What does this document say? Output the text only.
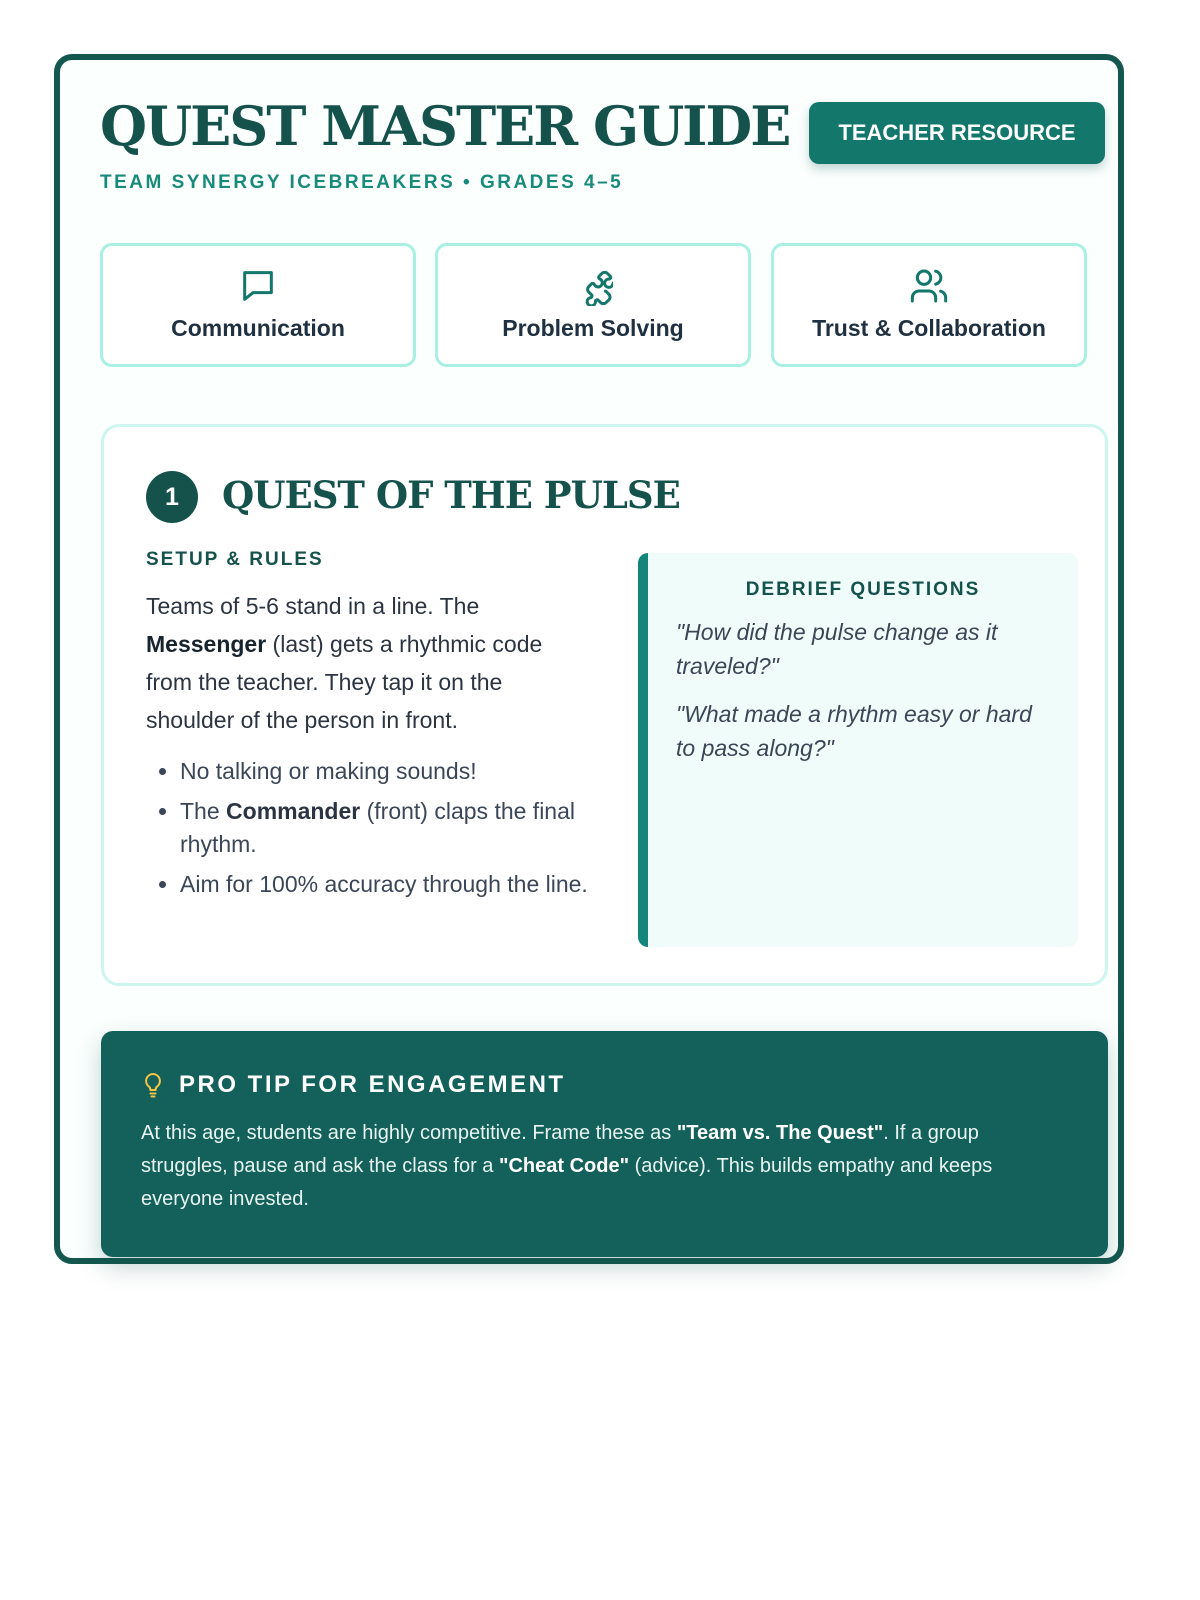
QUEST MASTER GUIDE
TEAM SYNERGY ICEBREAKERS • GRADES 4–5
TEACHER RESOURCE
Communication	Problem Solving	Trust & Collaboration
1	QUEST OF THE PULSE
SETUP & RULES

Teams of 5-6 stand in a line. The Messenger (last) gets a rhythmic code from the teacher. They tap it on the shoulder of the person in front.

• No talking or making sounds!
• The Commander (front) claps the final rhythm.
• Aim for 100% accuracy through the line.
DEBRIEF QUESTIONS
"How did the pulse change as it traveled?"
"What made a rhythm easy or hard to pass along?"
PRO TIP FOR ENGAGEMENT

At this age, students are highly competitive. Frame these as "Team vs. The Quest". If a group struggles, pause and ask the class for a "Cheat Code" (advice). This builds empathy and keeps everyone invested.
